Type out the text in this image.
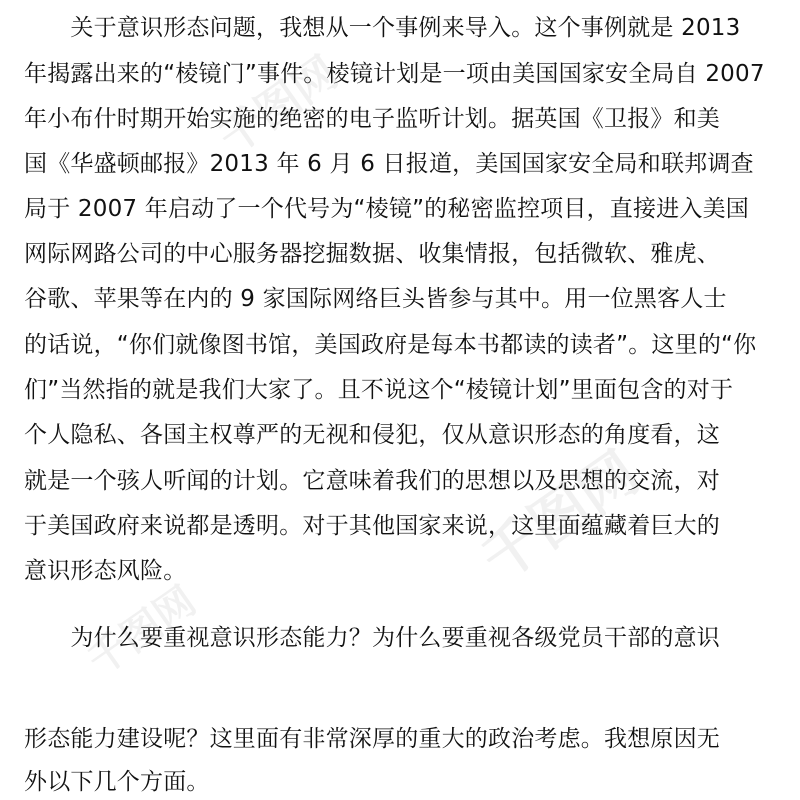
千图网
千图网
千图网
　　关于意识形态问题，我想从一个事例来导入。这个事例就是 2013
年揭露出来的“棱镜门”事件。棱镜计划是一项由美国国家安全局自 2007
年小布什时期开始实施的绝密的电子监听计划。据英国《卫报》和美
国《华盛顿邮报》2013 年 6 月 6 日报道，美国国家安全局和联邦调查
局于 2007 年启动了一个代号为“棱镜”的秘密监控项目，直接进入美国
网际网路公司的中心服务器挖掘数据、收集情报，包括微软、雅虎、
谷歌、苹果等在内的 9 家国际网络巨头皆参与其中。用一位黑客人士
的话说，“你们就像图书馆，美国政府是每本书都读的读者”。这里的“你
们”当然指的就是我们大家了。且不说这个“棱镜计划”里面包含的对于
个人隐私、各国主权尊严的无视和侵犯，仅从意识形态的角度看，这
就是一个骇人听闻的计划。它意味着我们的思想以及思想的交流，对
于美国政府来说都是透明。对于其他国家来说，这里面蕴藏着巨大的
意识形态风险。
　　为什么要重视意识形态能力？为什么要重视各级党员干部的意识
形态能力建设呢？这里面有非常深厚的重大的政治考虑。我想原因无
外以下几个方面。
